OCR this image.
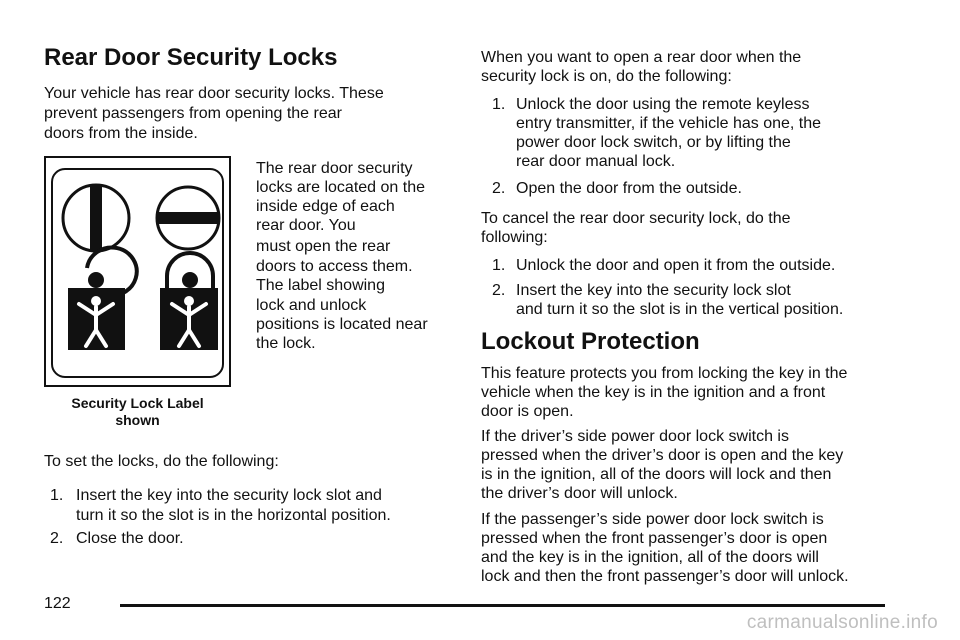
Rear Door Security Locks
Your vehicle has rear door security locks. These
prevent passengers from opening the rear
doors from the inside.
Security Lock Label
shown
The rear door security
locks are located on the
inside edge of each
rear door. You
must open the rear
doors to access them.
The label showing
lock and unlock
positions is located near
the lock.
To set the locks, do the following:
1. Insert the key into the security lock slot and
turn it so the slot is in the horizontal position.
2. Close the door.
When you want to open a rear door when the
security lock is on, do the following:
1. Unlock the door using the remote keyless
entry transmitter, if the vehicle has one, the
power door lock switch, or by lifting the
rear door manual lock.
2. Open the door from the outside.
To cancel the rear door security lock, do the
following:
1. Unlock the door and open it from the outside.
2. Insert the key into the security lock slot
and turn it so the slot is in the vertical position.
Lockout Protection
This feature protects you from locking the key in the
vehicle when the key is in the ignition and a front
door is open.
If the driver’s side power door lock switch is
pressed when the driver’s door is open and the key
is in the ignition, all of the doors will lock and then
the driver’s door will unlock.
If the passenger’s side power door lock switch is
pressed when the front passenger’s door is open
and the key is in the ignition, all of the doors will
lock and then the front passenger’s door will unlock.
122
carmanualsonline.info
